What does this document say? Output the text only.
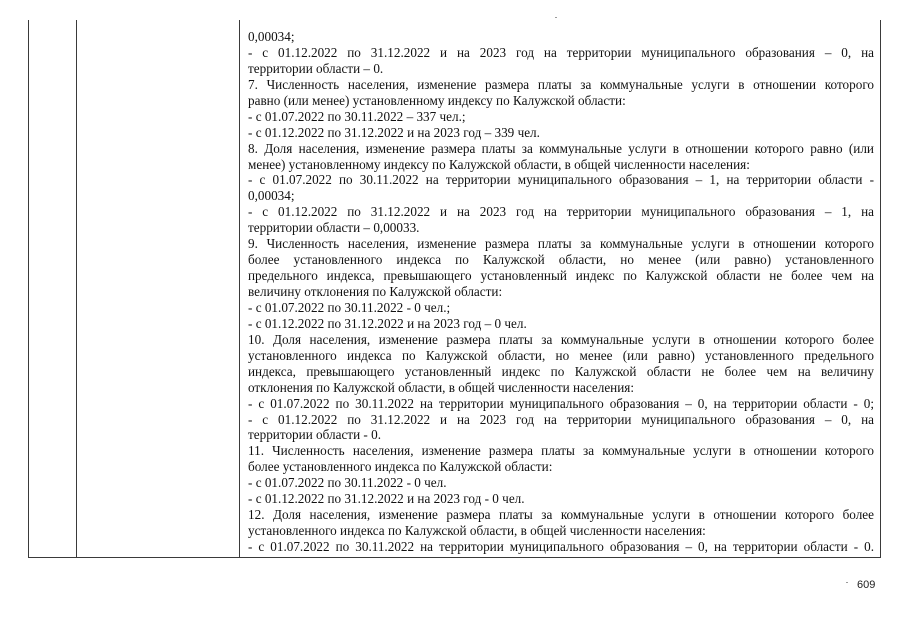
0,00034;
- с 01.12.2022 по 31.12.2022 и на 2023 год на территории муниципального образования – 0, на
территории области – 0.
7. Численность населения, изменение размера платы за коммунальные услуги в отношении которого
равно (или менее) установленному индексу по Калужской области:
- с 01.07.2022 по 30.11.2022 – 337 чел.;
- с 01.12.2022 по 31.12.2022 и на 2023 год – 339 чел.
8. Доля населения, изменение размера платы за коммунальные услуги в отношении которого равно (или
менее) установленному индексу по Калужской области, в общей численности населения:
- с 01.07.2022 по 30.11.2022 на территории муниципального образования – 1, на территории области -
0,00034;
- с 01.12.2022 по 31.12.2022 и на 2023 год на территории муниципального образования – 1, на
территории области – 0,00033.
9. Численность населения, изменение размера платы за коммунальные услуги в отношении которого
более установленного индекса по Калужской области, но менее (или равно) установленного
предельного индекса, превышающего установленный индекс по Калужской области не более чем на
величину отклонения по Калужской области:
- с 01.07.2022 по 30.11.2022 - 0 чел.;
- с 01.12.2022 по 31.12.2022 и на 2023 год – 0 чел.
10. Доля населения, изменение размера платы за коммунальные услуги в отношении которого более
установленного индекса по Калужской области, но менее (или равно) установленного предельного
индекса, превышающего установленный индекс по Калужской области не более чем на величину
отклонения по Калужской области, в общей численности населения:
- с 01.07.2022 по 30.11.2022 на территории муниципального образования – 0, на территории области - 0;
- с 01.12.2022 по 31.12.2022 и на 2023 год на территории муниципального образования – 0, на
территории области - 0.
11. Численность населения, изменение размера платы за коммунальные услуги в отношении которого
более установленного индекса по Калужской области:
- с 01.07.2022 по 30.11.2022 - 0 чел.
- с 01.12.2022 по 31.12.2022 и на 2023 год - 0 чел.
12. Доля населения, изменение размера платы за коммунальные услуги в отношении которого более
установленного индекса по Калужской области, в общей численности населения:
- с 01.07.2022 по 30.11.2022 на территории муниципального образования – 0, на территории области - 0.
609
